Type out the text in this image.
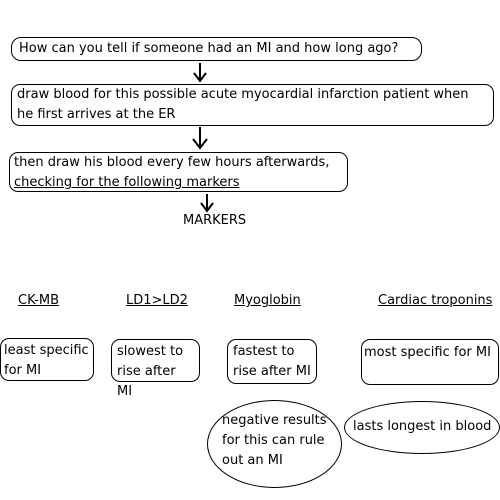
How can you tell if someone had an MI and how long ago?
draw blood for this possible acute myocardial infarction patient when
he first arrives at the ER
then draw his blood every few hours afterwards,
checking for the following markers
MARKERS
CK-MB	LD1>LD2	Myoglobin	Cardiac troponins
least specific
for MI
slowest to
rise after MI
fastest to
rise after MI
most specific for MI
negative results
for this can rule
out an MI
lasts longest in blood
